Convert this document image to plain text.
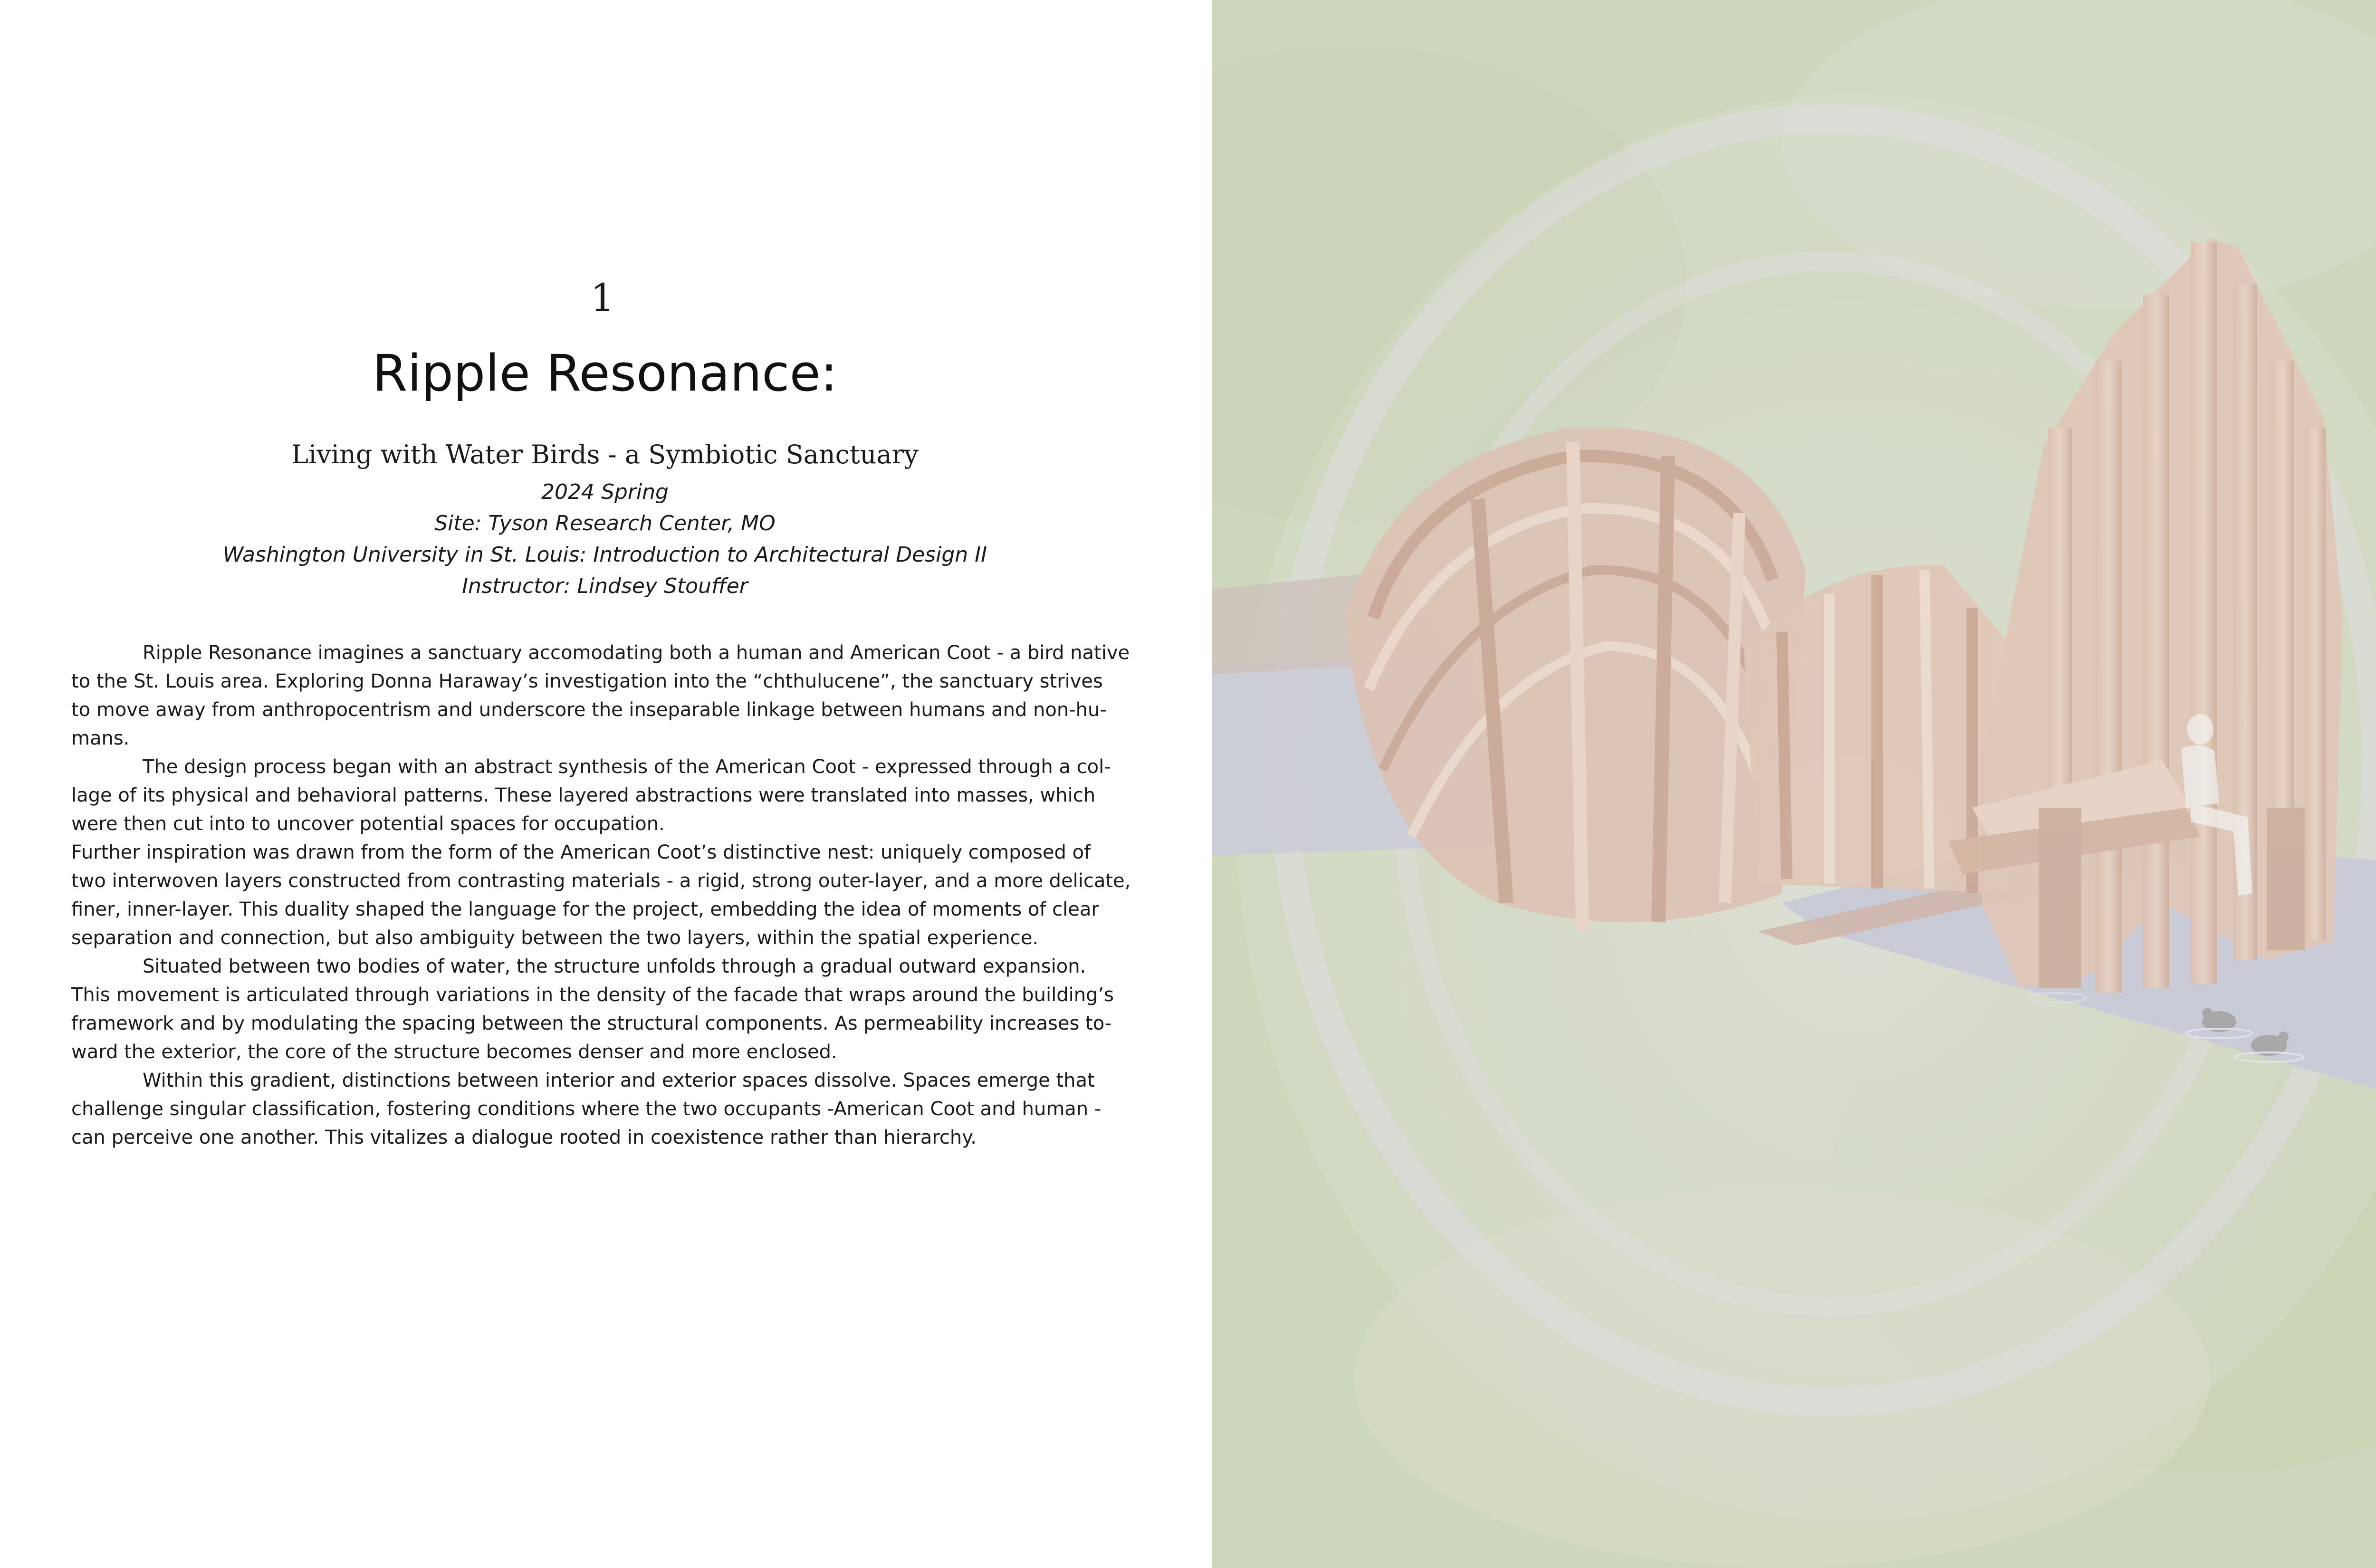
1
Ripple Resonance:
Living with Water Birds - a Symbiotic Sanctuary
2024 Spring
Site: Tyson Research Center, MO
Washington University in St. Louis: Introduction to Architectural Design II
Instructor: Lindsey Stouffer
Ripple Resonance imagines a sanctuary accomodating both a human and American Coot - a bird native
to the St. Louis area. Exploring Donna Haraway’s investigation into the “chthulucene”, the sanctuary strives
to move away from anthropocentrism and underscore the inseparable linkage between humans and non-hu-
mans.
The design process began with an abstract synthesis of the American Coot - expressed through a col-
lage of its physical and behavioral patterns. These layered abstractions were translated into masses, which
were then cut into to uncover potential spaces for occupation.
Further inspiration was drawn from the form of the American Coot’s distinctive nest: uniquely composed of
two interwoven layers constructed from contrasting materials - a rigid, strong outer-layer, and a more delicate,
finer, inner-layer. This duality shaped the language for the project, embedding the idea of moments of clear
separation and connection, but also ambiguity between the two layers, within the spatial experience.
Situated between two bodies of water, the structure unfolds through a gradual outward expansion.
This movement is articulated through variations in the density of the facade that wraps around the building’s
framework and by modulating the spacing between the structural components. As permeability increases to-
ward the exterior, the core of the structure becomes denser and more enclosed.
Within this gradient, distinctions between interior and exterior spaces dissolve. Spaces emerge that
challenge singular classification, fostering conditions where the two occupants -American Coot and human -
can perceive one another. This vitalizes a dialogue rooted in coexistence rather than hierarchy.
